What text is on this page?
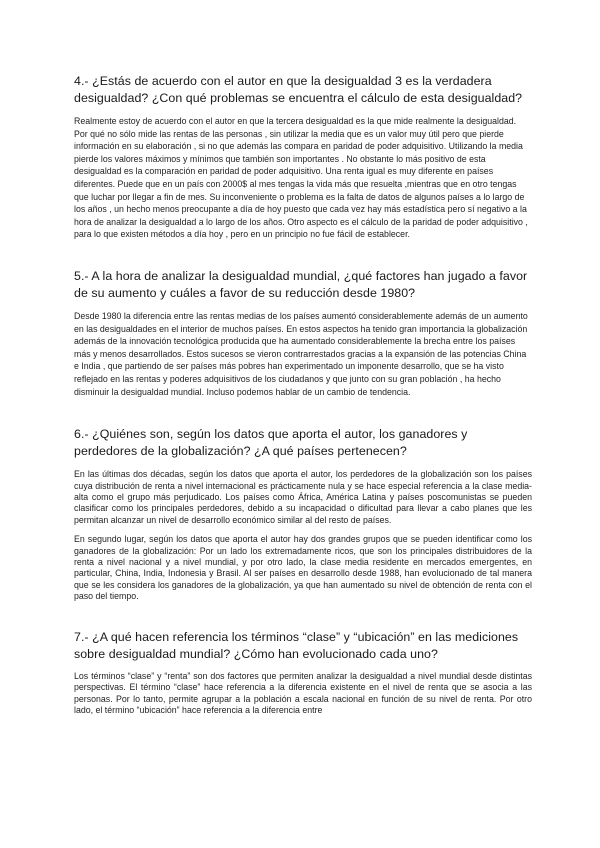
4.- ¿Estás de acuerdo con el autor en que la desigualdad 3 es la verdadera desigualdad? ¿Con qué problemas se encuentra el cálculo de esta desigualdad?

Realmente estoy de acuerdo con el autor en que la tercera desigualdad es la que mide realmente la desigualdad. Por qué no sólo mide las rentas de las personas , sin utilizar la media que es un valor muy útil pero que pierde información en su elaboración , si no que además las compara en paridad de poder adquisitivo. Utilizando la media pierde los valores máximos y mínimos que también son importantes . No obstante lo más positivo de esta desigualdad es la comparación en paridad de poder adquisitivo. Una renta igual es muy diferente en países diferentes. Puede que en un país con 2000$ al mes tengas la vida más que resuelta ,mientras que en otro tengas que luchar por llegar a fin de mes. Su inconveniente o problema es la falta de datos de algunos países a lo largo de los años , un hecho menos preocupante a día de hoy puesto que cada vez hay más estadística pero sí negativo a la hora de analizar la desigualdad a lo largo de los años. Otro aspecto es el cálculo de la paridad de poder adquisitivo , para lo que existen métodos a día hoy , pero en un principio no fue fácil de establecer.

5.- A la hora de analizar la desigualdad mundial, ¿qué factores han jugado a favor de su aumento y cuáles a favor de su reducción desde 1980?

Desde 1980 la diferencia entre las rentas medias de los países aumentó considerablemente además de un aumento en las desigualdades en el interior de muchos países. En estos aspectos ha tenido gran importancia la globalización además de la innovación tecnológica producida que ha aumentado considerablemente la brecha entre los países más y menos desarrollados. Estos sucesos se vieron contrarrestados gracias a la expansión de las potencias China e India , que partiendo de ser países más pobres han experimentado un imponente desarrollo, que se ha visto reflejado en las rentas y poderes adquisitivos de los ciudadanos y que junto con su gran población , ha hecho disminuir la desigualdad mundial. Incluso podemos hablar de un cambio de tendencia.

6.- ¿Quiénes son, según los datos que aporta el autor, los ganadores y perdedores de la globalización? ¿A qué países pertenecen?

En las últimas dos décadas, según los datos que aporta el autor, los perdedores de la globalización son los países cuya distribución de renta a nivel internacional es prácticamente nula y se hace especial referencia a la clase media-alta como el grupo más perjudicado. Los países como África, América Latina y países poscomunistas se pueden clasificar como los principales perdedores, debido a su incapacidad o dificultad para llevar a cabo planes que les permitan alcanzar un nivel de desarrollo económico similar al del resto de países.

En segundo lugar, según los datos que aporta el autor hay dos grandes grupos que se pueden identificar como los ganadores de la globalización: Por un lado los extremadamente ricos, que son los principales distribuidores de la renta a nivel nacional y a nivel mundial, y por otro lado, la clase media residente en mercados emergentes, en particular, China, India, Indonesia y Brasil. Al ser países en desarrollo desde 1988, han evolucionado de tal manera que se les considera los ganadores de la globalización, ya que han aumentado su nivel de obtención de renta con el paso del tiempo.

7.- ¿A qué hacen referencia los términos “clase” y “ubicación” en las mediciones sobre desigualdad mundial? ¿Cómo han evolucionado cada uno?

Los términos “clase” y “renta” son dos factores que permiten analizar la desigualdad a nivel mundial desde distintas perspectivas. El término “clase” hace referencia a la diferencia existente en el nivel de renta que se asocia a las personas. Por lo tanto, permite agrupar a la población a escala nacional en función de su nivel de renta. Por otro lado, el término “ubicación” hace referencia a la diferencia entre
